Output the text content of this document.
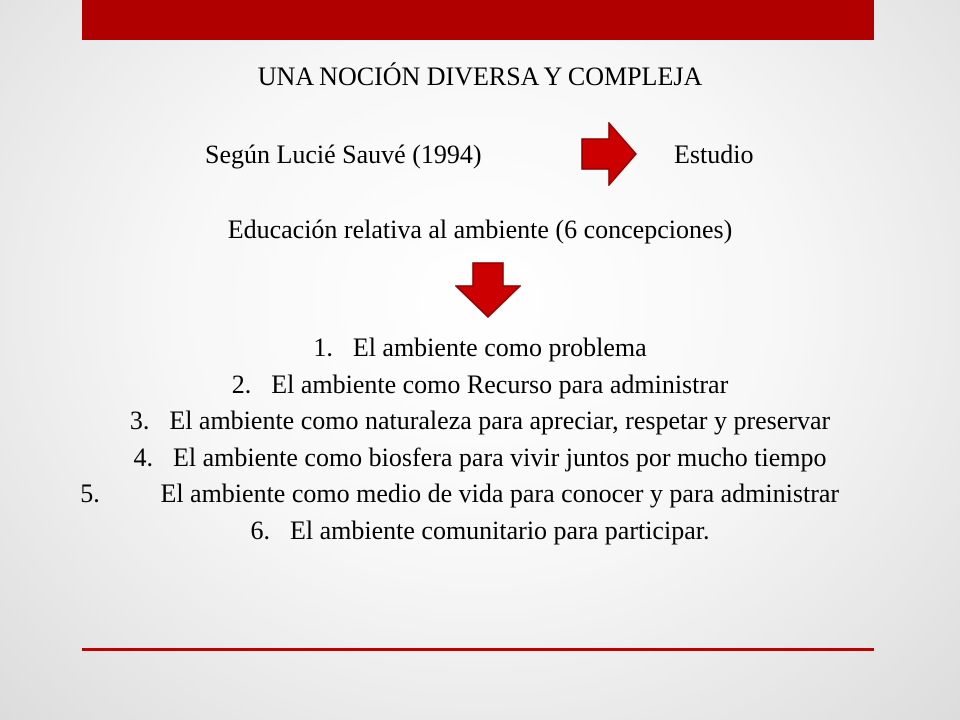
UNA NOCIÓN DIVERSA Y COMPLEJA
Según Lucié Sauvé (1994)	Estudio
Educación relativa al ambiente (6 concepciones)
1. El ambiente como problema
2. El ambiente como Recurso para administrar
3. El ambiente como naturaleza para apreciar, respetar y preservar
4. El ambiente como biosfera para vivir juntos por mucho tiempo
5. El ambiente como medio de vida para conocer y para administrar
6. El ambiente comunitario para participar.
